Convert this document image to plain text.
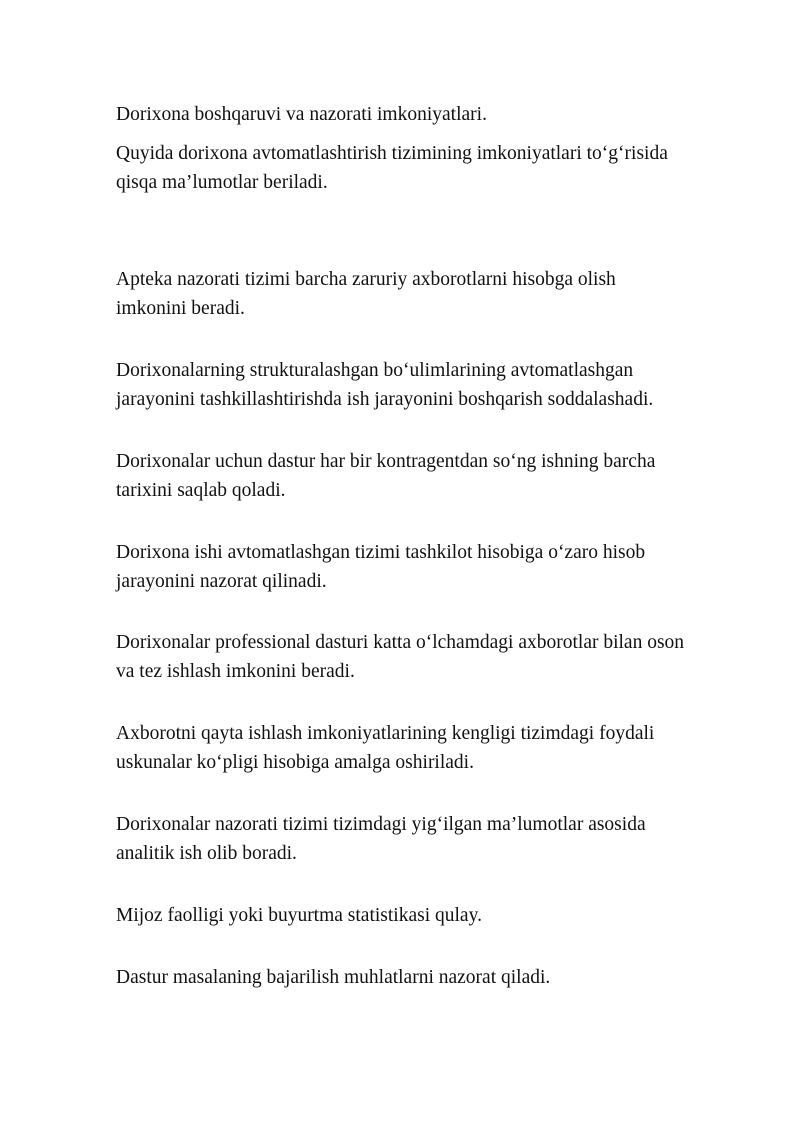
Dorixona boshqaruvi va nazorati imkoniyatlari.

Quyida dorixona avtomatlashtirish tizimining imkoniyatlari to‘g‘risida
qisqa ma’lumotlar beriladi.

Apteka nazorati tizimi barcha zaruriy axborotlarni hisobga olish
imkonini beradi.

Dorixonalarning strukturalashgan bo‘ulimlarining avtomatlashgan
jarayonini tashkillashtirishda ish jarayonini boshqarish soddalashadi.

Dorixonalar uchun dastur har bir kontragentdan so‘ng ishning barcha
tarixini saqlab qoladi.

Dorixona ishi avtomatlashgan tizimi tashkilot hisobiga o‘zaro hisob
jarayonini nazorat qilinadi.

Dorixonalar professional dasturi katta o‘lchamdagi axborotlar bilan oson
va tez ishlash imkonini beradi.

Axborotni qayta ishlash imkoniyatlarining kengligi tizimdagi foydali
uskunalar ko‘pligi hisobiga amalga oshiriladi.

Dorixonalar nazorati tizimi tizimdagi yig‘ilgan ma’lumotlar asosida
analitik ish olib boradi.

Mijoz faolligi yoki buyurtma statistikasi qulay.

Dastur masalaning bajarilish muhlatlarni nazorat qiladi.
